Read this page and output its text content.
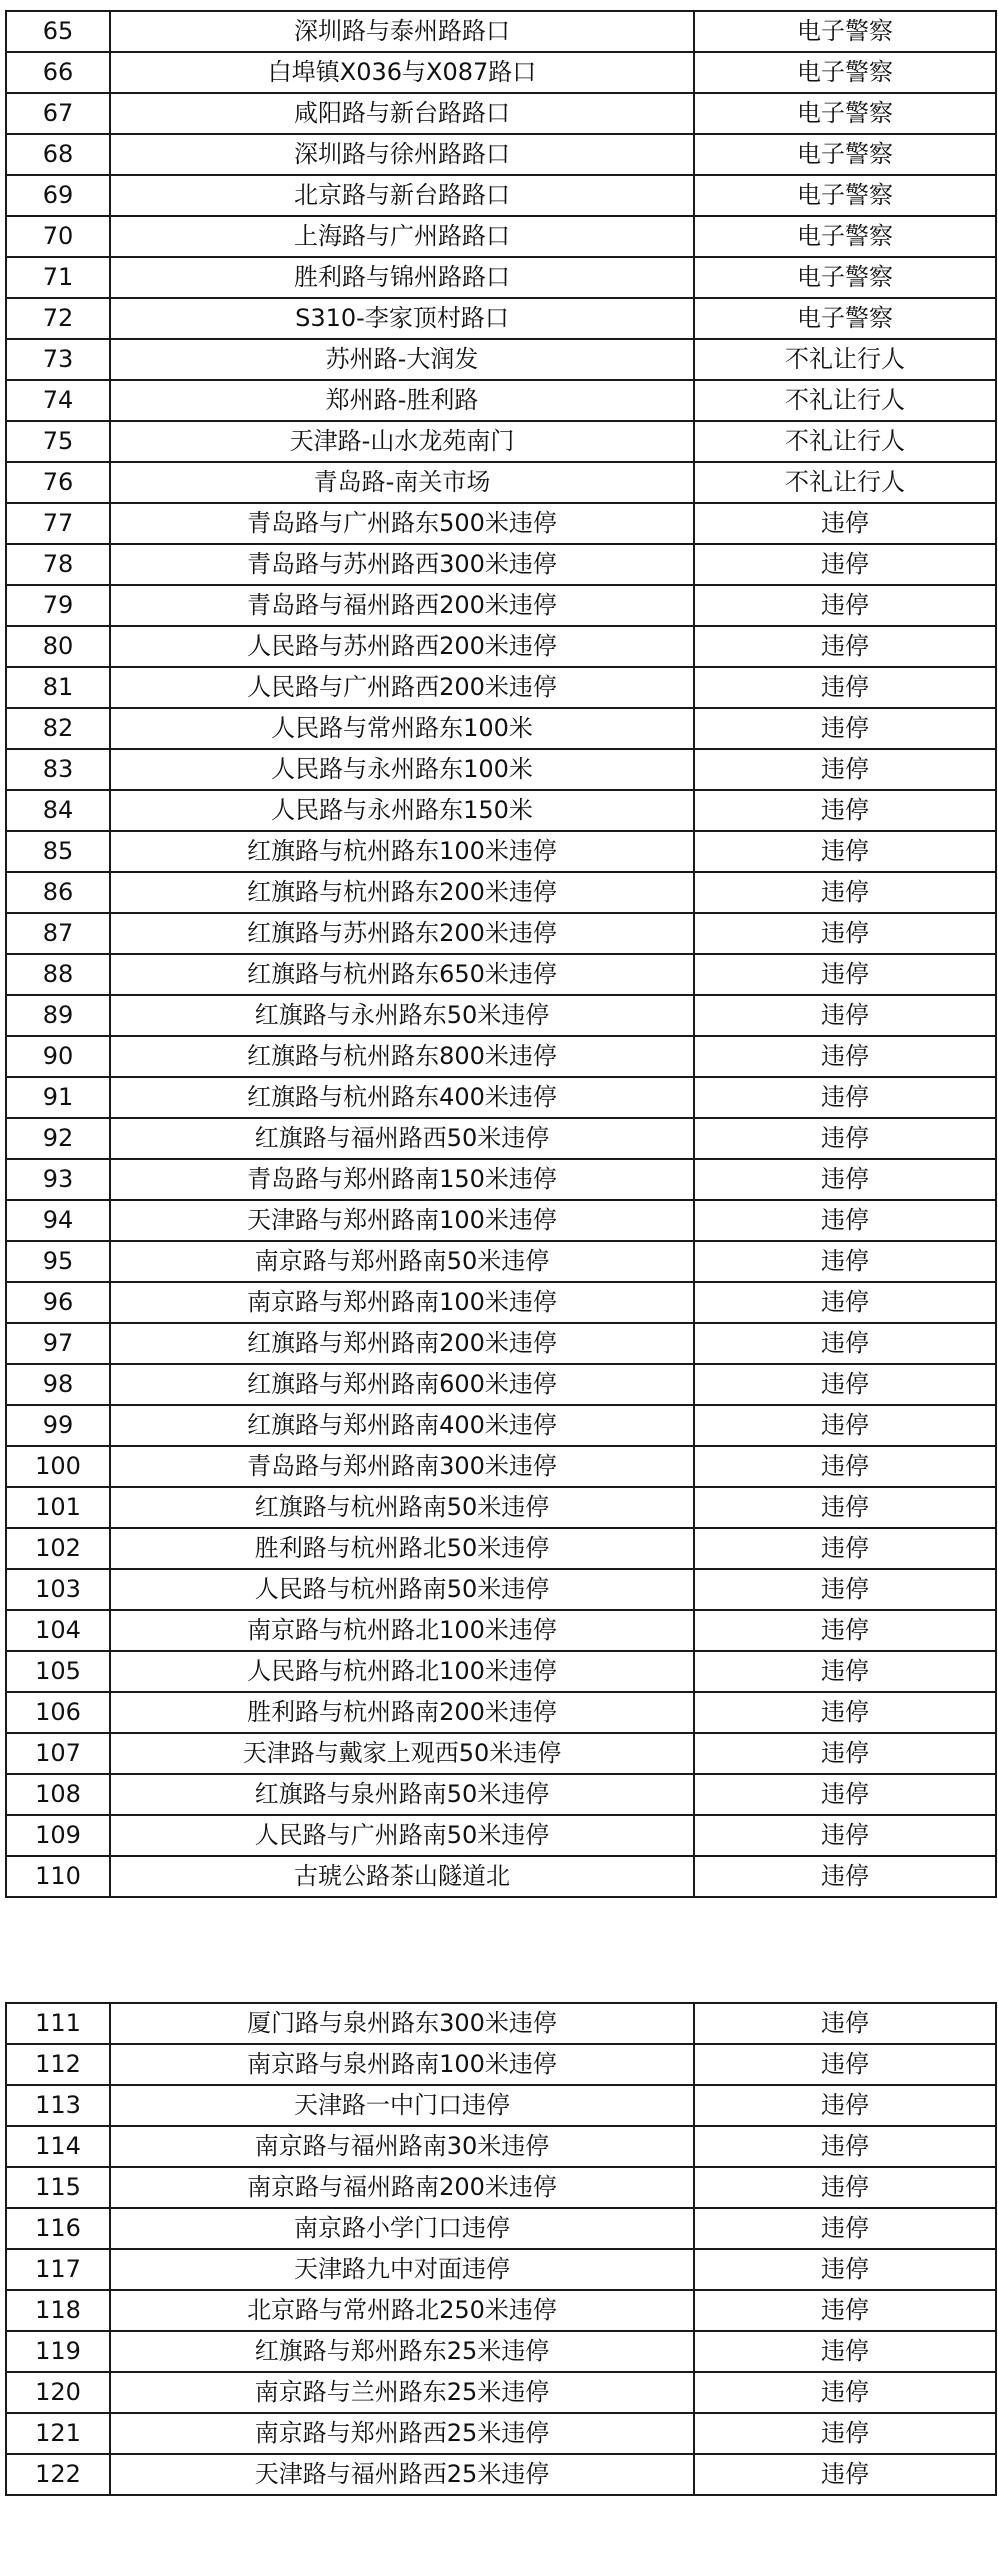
65	深圳路与泰州路路口	电子警察
66	白埠镇X036与X087路口	电子警察
67	咸阳路与新台路路口	电子警察
68	深圳路与徐州路路口	电子警察
69	北京路与新台路路口	电子警察
70	上海路与广州路路口	电子警察
71	胜利路与锦州路路口	电子警察
72	S310-李家顶村路口	电子警察
73	苏州路-大润发	不礼让行人
74	郑州路-胜利路	不礼让行人
75	天津路-山水龙苑南门	不礼让行人
76	青岛路-南关市场	不礼让行人
77	青岛路与广州路东500米违停	违停
78	青岛路与苏州路西300米违停	违停
79	青岛路与福州路西200米违停	违停
80	人民路与苏州路西200米违停	违停
81	人民路与广州路西200米违停	违停
82	人民路与常州路东100米	违停
83	人民路与永州路东100米	违停
84	人民路与永州路东150米	违停
85	红旗路与杭州路东100米违停	违停
86	红旗路与杭州路东200米违停	违停
87	红旗路与苏州路东200米违停	违停
88	红旗路与杭州路东650米违停	违停
89	红旗路与永州路东50米违停	违停
90	红旗路与杭州路东800米违停	违停
91	红旗路与杭州路东400米违停	违停
92	红旗路与福州路西50米违停	违停
93	青岛路与郑州路南150米违停	违停
94	天津路与郑州路南100米违停	违停
95	南京路与郑州路南50米违停	违停
96	南京路与郑州路南100米违停	违停
97	红旗路与郑州路南200米违停	违停
98	红旗路与郑州路南600米违停	违停
99	红旗路与郑州路南400米违停	违停
100	青岛路与郑州路南300米违停	违停
101	红旗路与杭州路南50米违停	违停
102	胜利路与杭州路北50米违停	违停
103	人民路与杭州路南50米违停	违停
104	南京路与杭州路北100米违停	违停
105	人民路与杭州路北100米违停	违停
106	胜利路与杭州路南200米违停	违停
107	天津路与戴家上观西50米违停	违停
108	红旗路与泉州路南50米违停	违停
109	人民路与广州路南50米违停	违停
110	古琥公路茶山隧道北	违停
111	厦门路与泉州路东300米违停	违停
112	南京路与泉州路南100米违停	违停
113	天津路一中门口违停	违停
114	南京路与福州路南30米违停	违停
115	南京路与福州路南200米违停	违停
116	南京路小学门口违停	违停
117	天津路九中对面违停	违停
118	北京路与常州路北250米违停	违停
119	红旗路与郑州路东25米违停	违停
120	南京路与兰州路东25米违停	违停
121	南京路与郑州路西25米违停	违停
122	天津路与福州路西25米违停	违停
